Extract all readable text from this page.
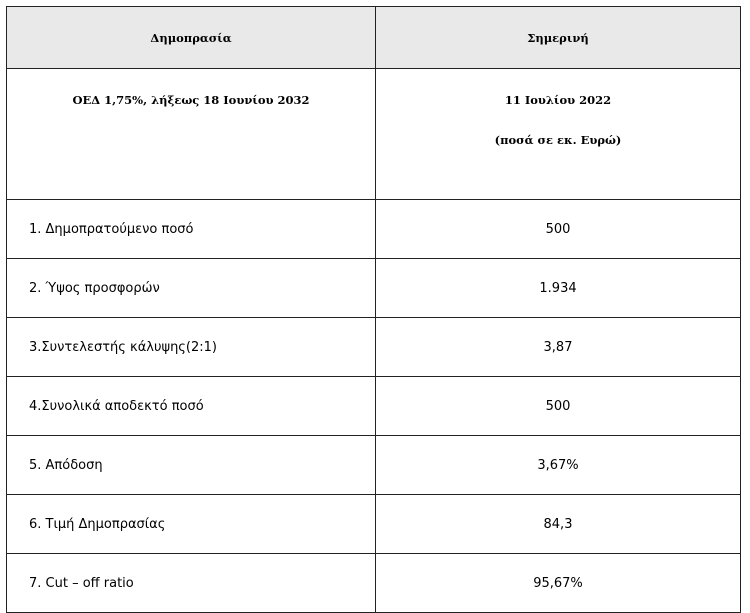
Δημοπρασία	Σημερινή
ΟΕΔ 1,75%, λήξεως 18 Ιουνίου 2032	11 Ιουλίου 2022
(ποσά σε εκ. Ευρώ)

1. Δημοπρατούμενο ποσό	500
2. Ύψος προσφορών	1.934
3.Συντελεστής κάλυψης(2:1)	3,87
4.Συνολικά αποδεκτό ποσό	500
5. Απόδοση	3,67%
6. Τιμή Δημοπρασίας	84,3
7. Cut – off ratio	95,67%
